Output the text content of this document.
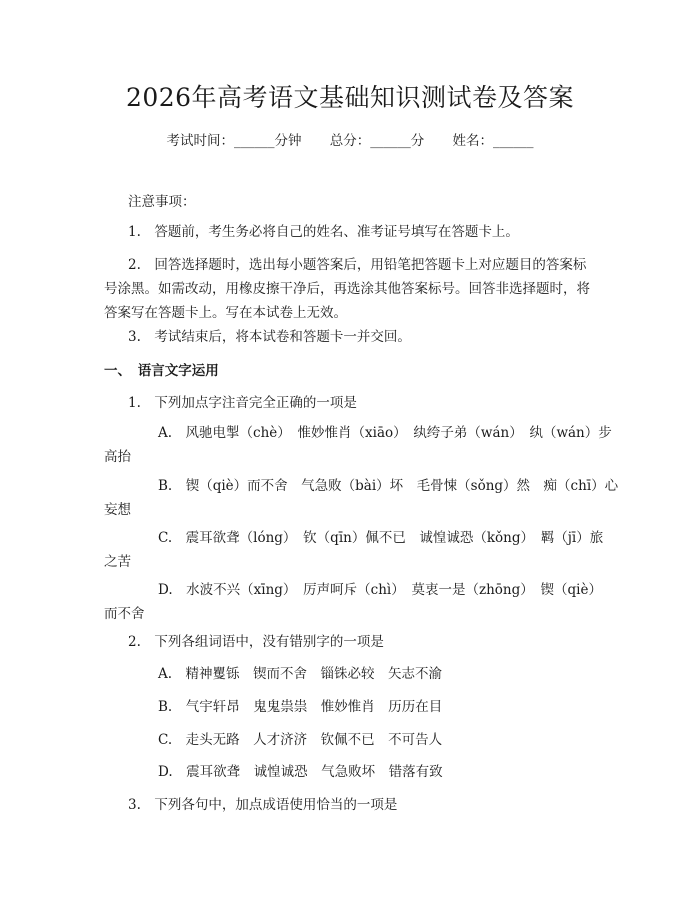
2026年高考语文基础知识测试卷及答案
考试时间：______分钟 总分：______分 姓名：______
注意事项：
1.　答题前，考生务必将自己的姓名、准考证号填写在答题卡上。
2.　回答选择题时，选出每小题答案后，用铅笔把答题卡上对应题目的答案标
号涂黑。如需改动，用橡皮擦干净后，再选涂其他答案标号。回答非选择题时，将
答案写在答题卡上。写在本试卷上无效。
3.　考试结束后，将本试卷和答题卡一并交回。
一、　语言文字运用
1.　下列加点字注音完全正确的一项是
A.　风驰电掣（chè）　惟妙惟肖（xiāo）　纨绔子弟（wán）　纨（wán）步
高抬
B.　锲（qiè）而不舍　气急败（bài）坏　毛骨悚（sǒng）然　痴（chī）心
妄想
C.　震耳欲聋（lóng）　钦（qīn）佩不已　诚惶诚恐（kǒng）　羁（jī）旅
之苦
D.　水波不兴（xīng）　厉声呵斥（chì）　莫衷一是（zhōng）　锲（qiè）
而不舍
2.　下列各组词语中，没有错别字的一项是
A.　精神矍铄　锲而不舍　锱铢必较　矢志不渝
B.　气宇轩昂　鬼鬼祟祟　惟妙惟肖　历历在目
C.　走头无路　人才济济　钦佩不已　不可告人
D.　震耳欲聋　诚惶诚恐　气急败坏　错落有致
3.　下列各句中，加点成语使用恰当的一项是
